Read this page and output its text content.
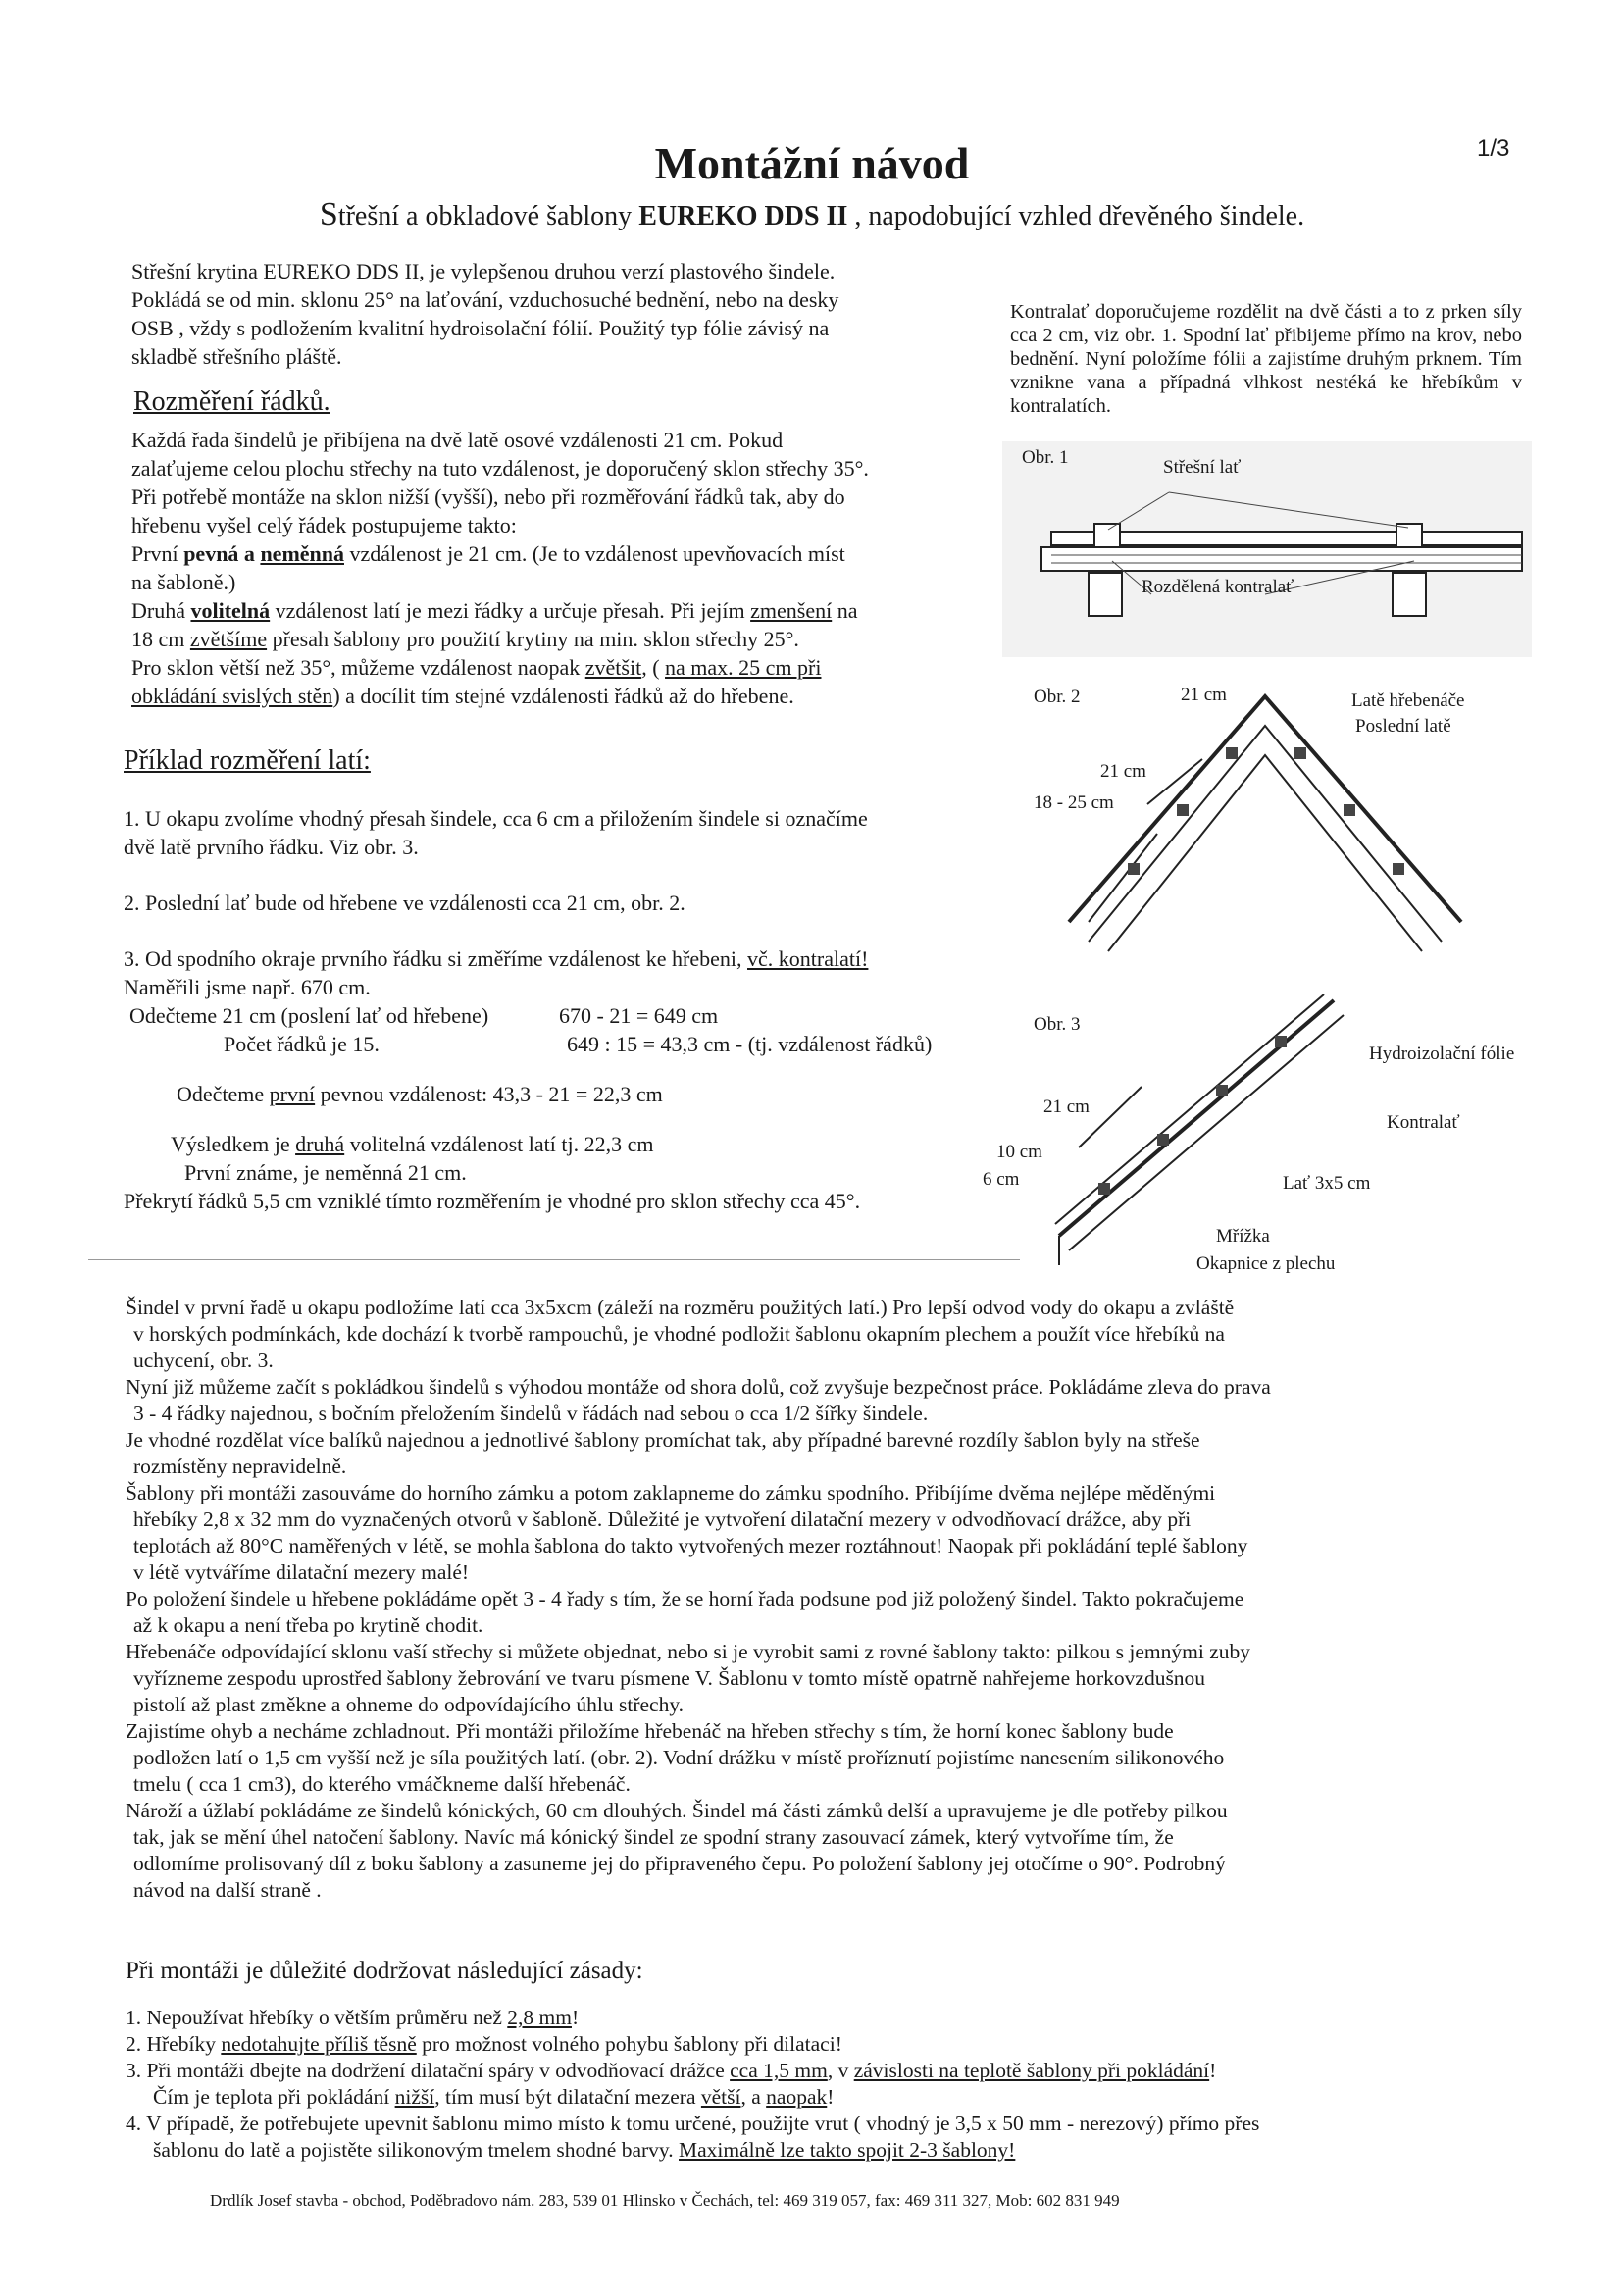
1/3
Montážní návod
Střešní a obkladové šablony EUREKO DDS II , napodobující vzhled dřevěného šindele.
Střešní krytina EUREKO DDS II, je vylepšenou druhou verzí plastového šindele.
Pokládá se od min. sklonu 25° na laťování, vzduchosuché bednění, nebo na desky
OSB , vždy s podložením kvalitní hydroisolační fólií. Použitý typ fólie závisý na
skladbě střešního pláště.
Kontralať doporučujeme rozdělit na dvě části a to z prken síly cca 2 cm, viz obr. 1. Spodní lať přibijeme přímo na krov, nebo bednění. Nyní položíme fólii a zajistíme druhým prknem. Tím vznikne vana a případná vlhkost nestéká ke hřebíkům v kontralatích.
Rozměření řádků.
Každá řada šindelů je přibíjena na dvě latě osové vzdálenosti 21 cm. Pokud
zalaťujeme celou plochu střechy na tuto vzdálenost, je doporučený sklon střechy 35°.
Při potřebě montáže na sklon nižší (vyšší), nebo při rozměřování řádků tak, aby do
hřebenu vyšel celý řádek postupujeme takto:
První pevná a neměnná vzdálenost je 21 cm. (Je to vzdálenost upevňovacích míst
na šabloně.)
Druhá volitelná vzdálenost latí je mezi řádky a určuje přesah. Při jejím zmenšení na
18 cm zvětšíme přesah šablony pro použití krytiny na min. sklon střechy 25°.
Pro sklon větší než 35°, můžeme vzdálenost naopak zvětšit, ( na max. 25 cm při
obkládání svislých stěn) a docílit tím stejné vzdálenosti řádků až do hřebene.
Příklad rozměření latí:
1. U okapu zvolíme vhodný přesah šindele, cca 6 cm a přiložením šindele si označíme
dvě latě prvního řádku. Viz obr. 3.
2. Poslední lať bude od hřebene ve vzdálenosti cca 21 cm, obr. 2.
3. Od spodního okraje prvního řádku si změříme vzdálenost ke hřebeni, vč. kontralatí!
Naměřili jsme např. 670 cm.
Odečteme 21 cm (poslení lať od hřebene)	670 - 21 = 649 cm
Počet řádků je 15.	649 : 15 = 43,3 cm - (tj. vzdálenost řádků)
Odečteme první pevnou vzdálenost: 43,3 - 21 = 22,3 cm
Výsledkem je druhá volitelná vzdálenost latí tj. 22,3 cm
První známe, je neměnná 21 cm.
Překrytí řádků 5,5 cm vzniklé tímto rozměřením je vhodné pro sklon střechy cca 45°.
Obr. 1	Střešní lať
Rozdělená kontralať
Obr. 2	21 cm	Latě hřebenáče
Poslední latě
21 cm
18 - 25 cm
Obr. 3
Hydroizolační fólie
21 cm
Kontralať
10 cm
6 cm	Lať 3x5 cm
Mřížka
Okapnice z plechu
Šindel v první řadě u okapu podložíme latí cca 3x5xcm (záleží na rozměru použitých latí.) Pro lepší odvod vody do okapu a zvláště
v horských podmínkách, kde dochází k tvorbě rampouchů, je vhodné podložit šablonu okapním plechem a použít více hřebíků na
uchycení, obr. 3.
Nyní již můžeme začít s pokládkou šindelů s výhodou montáže od shora dolů, což zvyšuje bezpečnost práce. Pokládáme zleva do prava
3 - 4 řádky najednou, s bočním přeložením šindelů v řádách nad sebou o cca 1/2 šířky šindele.
Je vhodné rozdělat více balíků najednou a jednotlivé šablony promíchat tak, aby případné barevné rozdíly šablon byly na střeše
rozmístěny nepravidelně.
Šablony při montáži zasouváme do horního zámku a potom zaklapneme do zámku spodního. Přibíjíme dvěma nejlépe měděnými
hřebíky 2,8 x 32 mm do vyznačených otvorů v šabloně. Důležité je vytvoření dilatační mezery v odvodňovací drážce, aby při
teplotách až 80°C naměřených v létě, se mohla šablona do takto vytvořených mezer roztáhnout! Naopak při pokládání teplé šablony
v létě vytváříme dilatační mezery malé!
Po položení šindele u hřebene pokládáme opět 3 - 4 řady s tím, že se horní řada podsune pod již položený šindel. Takto pokračujeme
až k okapu a není třeba po krytině chodit.
Hřebenáče odpovídající sklonu vaší střechy si můžete objednat, nebo si je vyrobit sami z rovné šablony takto: pilkou s jemnými zuby
vyřízneme zespodu uprostřed šablony žebrování ve tvaru písmene V. Šablonu v tomto místě opatrně nahřejeme horkovzdušnou
pistolí až plast změkne a ohneme do odpovídajícího úhlu střechy.
Zajistíme ohyb a necháme zchladnout. Při montáži přiložíme hřebenáč na hřeben střechy s tím, že horní konec šablony bude
podložen latí o 1,5 cm vyšší než je síla použitých latí. (obr. 2). Vodní drážku v místě proříznutí pojistíme nanesením silikonového
tmelu ( cca 1 cm3), do kterého vmáčkneme další hřebenáč.
Nároží a úžlabí pokládáme ze šindelů kónických, 60 cm dlouhých. Šindel má části zámků delší a upravujeme je dle potřeby pilkou
tak, jak se mění úhel natočení šablony. Navíc má kónický šindel ze spodní strany zasouvací zámek, který vytvoříme tím, že
odlomíme prolisovaný díl z boku šablony a zasuneme jej do připraveného čepu. Po položení šablony jej otočíme o 90°. Podrobný
návod na další straně .
Při montáži je důležité dodržovat následující zásady:
1. Nepoužívat hřebíky o větším průměru než 2,8 mm!
2. Hřebíky nedotahujte příliš těsně pro možnost volného pohybu šablony při dilataci!
3. Při montáži dbejte na dodržení dilatační spáry v odvodňovací drážce cca 1,5 mm, v závislosti na teplotě šablony při pokládání!
Čím je teplota při pokládání nižší, tím musí být dilatační mezera větší, a naopak!
4. V případě, že potřebujete upevnit šablonu mimo místo k tomu určené, použijte vrut ( vhodný je 3,5 x 50 mm - nerezový) přímo přes
šablonu do latě a pojistěte silikonovým tmelem shodné barvy. Maximálně lze takto spojit 2-3 šablony!
Drdlík Josef stavba - obchod, Poděbradovo nám. 283, 539 01 Hlinsko v Čechách, tel: 469 319 057, fax: 469 311 327, Mob: 602 831 949
